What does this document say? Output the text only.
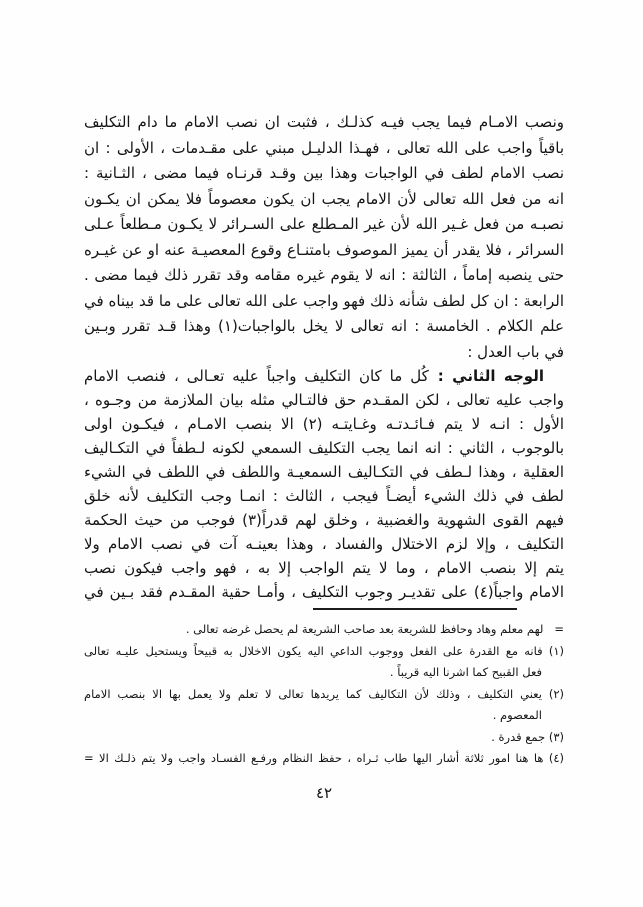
ونصب الامـام فيما يجب فيـه كذلـك ، فثبت ان نصب الامام ما دام التكليف
باقياً واجب على الله تعالى ، فهـذا الدليـل مبني على مقـدمات ، الأولى : ان
نصب الامام لطف في الواجبات وهذا بين وقـد قرنـاه فيما مضى ، الثـانية :
انه من فعل الله تعالى لأن الامام يجب ان يكون معصوماً فلا يمكن ان يكـون
نصبـه من فعل غـير الله لأن غير المـطلع على السـرائر لا يكـون مـطلعاً عـلى
السرائر ، فلا يقدر أن يميز الموصوف بامتنـاع وقوع المعصيـة عنه او عن غيـره
حتى ينصبه إماماً ، الثالثة : انه لا يقوم غيره مقامه وقد تقرر ذلك فيما مضى .
الرابعة : ان كل لطف شأنه ذلك فهو واجب على الله تعالى على ما قد بيناه في
علم الكلام . الخامسة : انه تعالى لا يخل بالواجبات(١) وهذا قـد تقرر وبـين
في باب العدل :
الوجه الثاني :كُل ما كان التكليف واجباً عليه تعـالى ، فنصب الامام
واجب عليه تعالى ، لكن المقـدم حق فالتـالي مثله بيان الملازمة من وجـوه ،
الأول : انـه لا يتم فـائـدتـه وغـايتـه (٢) الا بنصب الامـام ، فيكـون اولى
بالوجوب ، الثاني : انه انما يجب التكليف السمعي لكونه لـطفاً في التكـاليف
العقلية ، وهذا لـطف في التكـاليف السمعيـة واللطف في اللطف في الشيء
لطف في ذلك الشيء أيضـاً فيجب ، الثالث : انمـا وجب التكليف لأنه خلق
فيهم القوى الشهوية والغضبية ، وخلق لهم قدراً(٣) فوجب من حيث الحكمة
التكليف ، وإلا لزم الاختلال والفساد ، وهذا بعينـه آت في نصب الامام ولا
يتم إلا بنصب الامام ، وما لا يتم الواجب إلا به ، فهو واجب فيكون نصب
الامام واجباً(٤) على تقديـر وجوب التكليف ، وأمـا حقية المقـدم فقد بـين في
=   لهم معلم وهاد وحافظ للشريعة بعد صاحب الشريعة لم يحصل غرضه تعالى .
(١) فانه مع القدرة على الفعل ووجوب الداعي اليه يكون الاخلال به قبيحاً ويستحيل عليـه تعالى
فعل القبيح كما اشرنا اليه قريباً .
(٢) يعني التكليف ، وذلك لأن التكاليف كما يريدها تعالى لا تعلم ولا يعمل بها الا بنصب الامام
المعصوم .
(٣) جمع قدرة .
(٤) ها هنا امور ثلاثة أشار اليها طاب ثـراه ، حفظ النظام ورفـع الفسـاد واجب ولا يتم ذلـك الا =
٤٢
